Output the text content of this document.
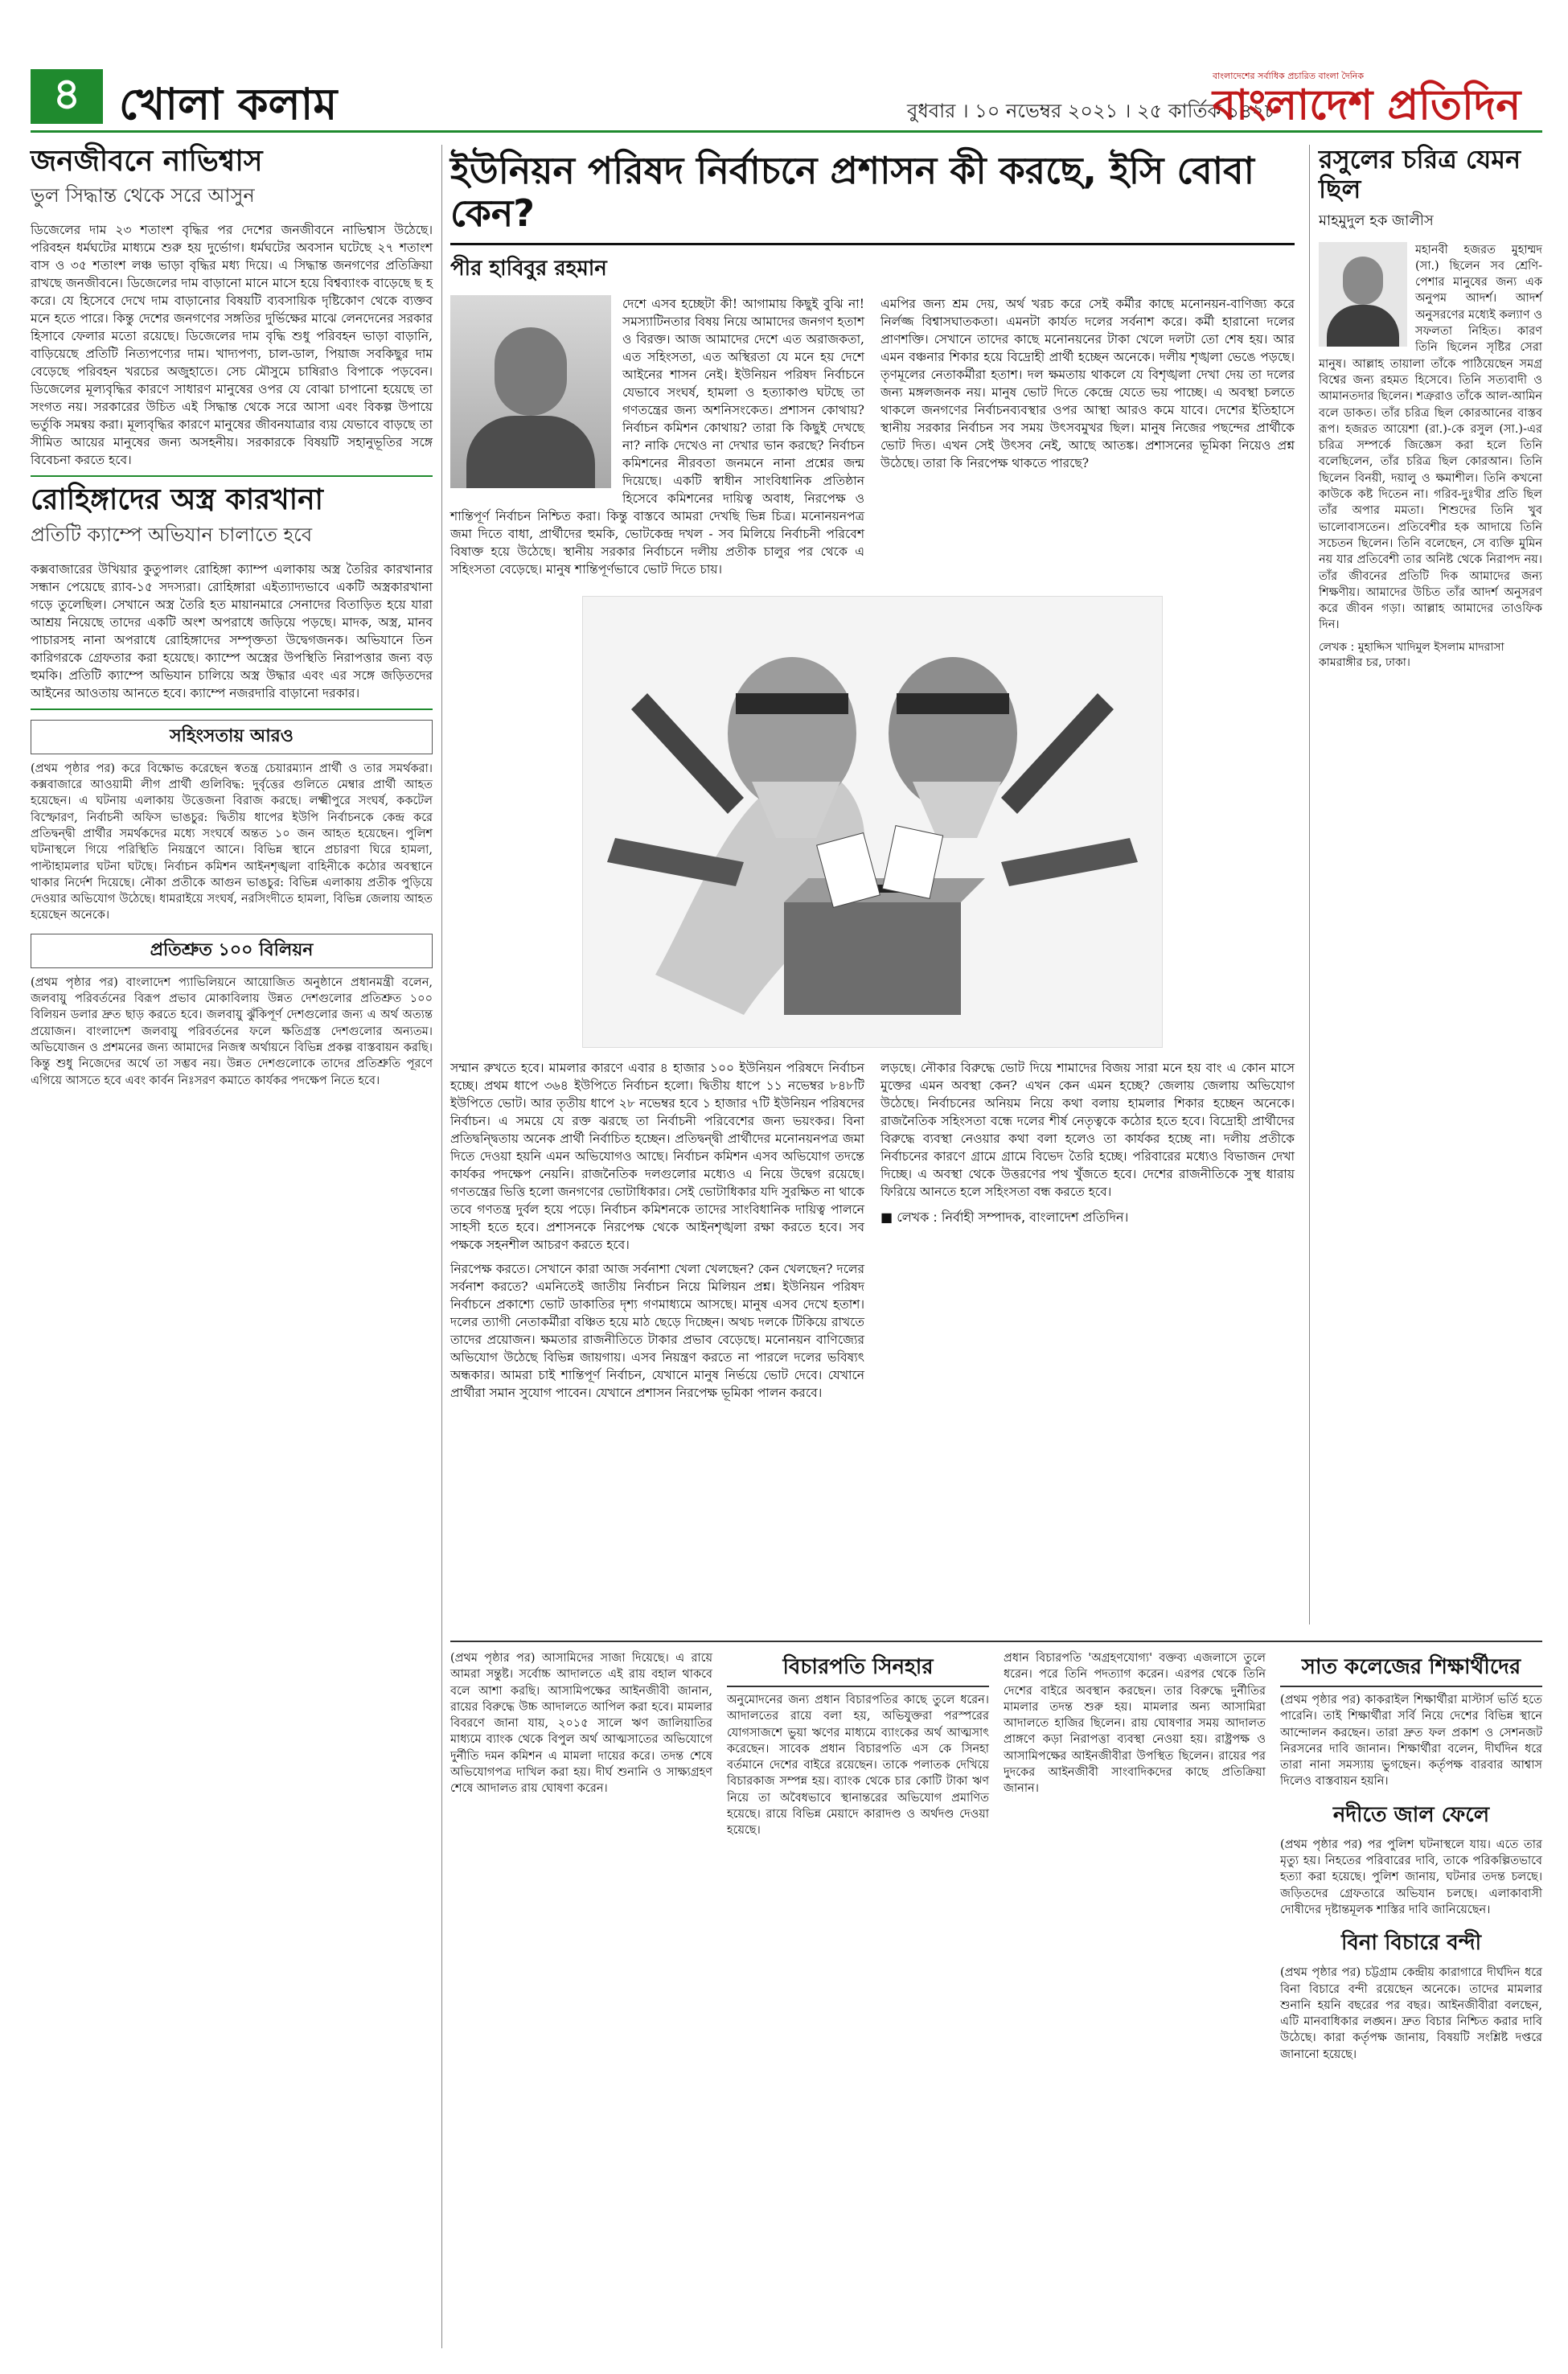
৪ খোলা কলাম	বুধবার । ১০ নভেম্বর ২০২১ । ২৫ কার্তিক ১৪২৮
বাংলাদেশের সর্বাধিক প্রচারিত বাংলা দৈনিক
বাংলাদেশ প্রতিদিন
জনজীবনে নাভিশ্বাস
ভুল সিদ্ধান্ত থেকে সরে আসুন

ডিজেলের দাম ২৩ শতাংশ বৃদ্ধির পর দেশের জনজীবনে নাভিশ্বাস উঠেছে। পরিবহন ধর্মঘটের মাধ্যমে শুরু হয় দুর্ভোগ। ধর্মঘটের অবসান ঘটেছে ২৭ শতাংশ বাস ও ৩৫ শতাংশ লঞ্চ ভাড়া বৃদ্ধির মধ্য দিয়ে। এ সিদ্ধান্ত জনগণের প্রতিক্রিয়া রাখছে জনজীবনে। ডিজেলের দাম বাড়ানো মানে মাসে হয়ে বিশ্বব্যাংক বাড়েছে ছ হ করে। যে হিসেবে দেখে দাম বাড়ানোর বিষয়টি ব্যবসায়িক দৃষ্টিকোণ থেকে ব্যক্তব মনে হতে পারে। কিন্তু দেশের জনগণের সঙ্গতির দুর্ভিক্ষের মাঝে লেনদেনের সরকার হিসাবে ফেলার মতো রয়েছে। ডিজেলের দাম বৃদ্ধি শুধু পরিবহন ভাড়া বাড়ানি, বাড়িয়েছে প্রতিটি নিত্যপণ্যের দাম। খাদ্যপণ্য, চাল-ডাল, পিয়াজ সবকিছুর দাম বেড়েছে পরিবহন খরচের অজুহাতে। সেচ মৌসুমে চাষিরাও বিপাকে পড়বেন। ডিজেলের মূল্যবৃদ্ধির কারণে সাধারণ মানুষের ওপর যে বোঝা চাপানো হয়েছে তা সংগত নয়। সরকারের উচিত এই সিদ্ধান্ত থেকে সরে আসা এবং বিকল্প উপায়ে ভর্তুকি সমন্বয় করা। মূল্যবৃদ্ধির কারণে মানুষের জীবনযাত্রার ব্যয় যেভাবে বাড়ছে তা সীমিত আয়ের মানুষের জন্য অসহনীয়। সরকারকে বিষয়টি সহানুভূতির সঙ্গে বিবেচনা করতে হবে।

রোহিঙ্গাদের অস্ত্র কারখানা
প্রতিটি ক্যাম্পে অভিযান চালাতে হবে

কক্সবাজারের উখিয়ার কুতুপালং রোহিঙ্গা ক্যাম্প এলাকায় অস্ত্র তৈরির কারখানার সন্ধান পেয়েছে র‌্যাব-১৫ সদস্যরা। রোহিঙ্গারা এইত্যাদ্যভাবে একটি অস্ত্রকারখানা গড়ে তুলেছিল। সেখানে অস্ত্র তৈরি হত মায়ানমারে সেনাদের বিতাড়িত হয়ে যারা আশ্রয় নিয়েছে তাদের একটি অংশ অপরাধে জড়িয়ে পড়ছে। মাদক, অস্ত্র, মানব পাচারসহ নানা অপরাধে রোহিঙ্গাদের সম্পৃক্ততা উদ্বেগজনক। অভিযানে তিন কারিগরকে গ্রেফতার করা হয়েছে। ক্যাম্পে অস্ত্রের উপস্থিতি নিরাপত্তার জন্য বড় হুমকি। প্রতিটি ক্যাম্পে অভিযান চালিয়ে অস্ত্র উদ্ধার এবং এর সঙ্গে জড়িতদের আইনের আওতায় আনতে হবে। ক্যাম্পে নজরদারি বাড়ানো দরকার।

সহিংসতায় আরও

(প্রথম পৃষ্ঠার পর) করে বিক্ষোভ করেছেন স্বতন্ত্র চেয়ারম্যান প্রার্থী ও তার সমর্থকরা। কক্সবাজারে আওয়ামী লীগ প্রার্থী গুলিবিদ্ধ: দুর্বৃত্তের গুলিতে মেম্বার প্রার্থী আহত হয়েছেন। এ ঘটনায় এলাকায় উত্তেজনা বিরাজ করছে। লক্ষ্মীপুরে সংঘর্ষ, ককটেল বিস্ফোরণ, নির্বাচনী অফিস ভাঙচুর: দ্বিতীয় ধাপের ইউপি নির্বাচনকে কেন্দ্র করে প্রতিদ্বন্দ্বী প্রার্থীর সমর্থকদের মধ্যে সংঘর্ষে অন্তত ১০ জন আহত হয়েছেন। পুলিশ ঘটনাস্থলে গিয়ে পরিস্থিতি নিয়ন্ত্রণে আনে। বিভিন্ন স্থানে প্রচারণা ঘিরে হামলা, পাল্টাহামলার ঘটনা ঘটছে। নির্বাচন কমিশন আইনশৃঙ্খলা বাহিনীকে কঠোর অবস্থানে থাকার নির্দেশ দিয়েছে। নৌকা প্রতীকে আগুন ভাঙচুর: বিভিন্ন এলাকায় প্রতীক পুড়িয়ে দেওয়ার অভিযোগ উঠেছে। ধামরাইয়ে সংঘর্ষ, নরসিংদীতে হামলা, বিভিন্ন জেলায় আহত হয়েছেন অনেকে।

প্রতিশ্রুত ১০০ বিলিয়ন

(প্রথম পৃষ্ঠার পর) বাংলাদেশ প্যাভিলিয়নে আয়োজিত অনুষ্ঠানে প্রধানমন্ত্রী বলেন, জলবায়ু পরিবর্তনের বিরূপ প্রভাব মোকাবিলায় উন্নত দেশগুলোর প্রতিশ্রুত ১০০ বিলিয়ন ডলার দ্রুত ছাড় করতে হবে। জলবায়ু ঝুঁকিপূর্ণ দেশগুলোর জন্য এ অর্থ অত্যন্ত প্রয়োজন। বাংলাদেশ জলবায়ু পরিবর্তনের ফলে ক্ষতিগ্রস্ত দেশগুলোর অন্যতম। অভিযোজন ও প্রশমনের জন্য আমাদের নিজস্ব অর্থায়নে বিভিন্ন প্রকল্প বাস্তবায়ন করছি। কিন্তু শুধু নিজেদের অর্থে তা সম্ভব নয়। উন্নত দেশগুলোকে তাদের প্রতিশ্রুতি পূরণে এগিয়ে আসতে হবে এবং কার্বন নিঃসরণ কমাতে কার্যকর পদক্ষেপ নিতে হবে।

ইউনিয়ন পরিষদ নির্বাচনে প্রশাসন কী করছে, ইসি বোবা কেন?
পীর হাবিবুর রহমান

দেশে এসব হচ্ছেটা কী! আগামায় কিছুই বুঝি না! সমস্যাটিনতার বিষয় নিয়ে আমাদের জনগণ হতাশ ও বিরক্ত। আজ আমাদের দেশে এত অরাজকতা, এত সহিংসতা, এত অস্থিরতা যে মনে হয় দেশে আইনের শাসন নেই। ইউনিয়ন পরিষদ নির্বাচনে যেভাবে সংঘর্ষ, হামলা ও হত্যাকাণ্ড ঘটছে তা গণতন্ত্রের জন্য অশনিসংকেত। প্রশাসন কোথায়? নির্বাচন কমিশন কোথায়? তারা কি কিছুই দেখছে না? নাকি দেখেও না দেখার ভান করছে? নির্বাচন কমিশনের নীরবতা জনমনে নানা প্রশ্নের জন্ম দিয়েছে। একটি স্বাধীন সাংবিধানিক প্রতিষ্ঠান হিসেবে কমিশনের দায়িত্ব অবাধ, নিরপেক্ষ ও শান্তিপূর্ণ নির্বাচন নিশ্চিত করা। কিন্তু বাস্তবে আমরা দেখছি ভিন্ন চিত্র। মনোনয়নপত্র জমা দিতে বাধা, প্রার্থীদের হুমকি, ভোটকেন্দ্র দখল - সব মিলিয়ে নির্বাচনী পরিবেশ বিষাক্ত হয়ে উঠেছে। স্থানীয় সরকার নির্বাচনে দলীয় প্রতীক চালুর পর থেকে এ সহিংসতা বেড়েছে। মানুষ শান্তিপূর্ণভাবে ভোট দিতে চায়।

এমপির জন্য শ্রম দেয়, অর্থ খরচ করে সেই কর্মীর কাছে মনোনয়ন-বাণিজ্য করে নির্লজ্জ বিশ্বাসঘাতকতা। এমনটা কার্যত দলের সর্বনাশ করে। কর্মী হারানো দলের প্রাণশক্তি। সেখানে তাদের কাছে মনোনয়নের টাকা খেলে দলটা তো শেষ হয়। আর এমন বঞ্চনার শিকার হয়ে বিদ্রোহী প্রার্থী হচ্ছেন অনেকে। দলীয় শৃঙ্খলা ভেঙে পড়ছে। তৃণমূলের নেতাকর্মীরা হতাশ। দল ক্ষমতায় থাকলে যে বিশৃঙ্খলা দেখা দেয় তা দলের জন্য মঙ্গলজনক নয়। মানুষ ভোট দিতে কেন্দ্রে যেতে ভয় পাচ্ছে। এ অবস্থা চলতে থাকলে জনগণের নির্বাচনব্যবস্থার ওপর আস্থা আরও কমে যাবে। দেশের ইতিহাসে স্থানীয় সরকার নির্বাচন সব সময় উৎসবমুখর ছিল। মানুষ নিজের পছন্দের প্রার্থীকে ভোট দিত। এখন সেই উৎসব নেই, আছে আতঙ্ক। প্রশাসনের ভূমিকা নিয়েও প্রশ্ন উঠেছে। তারা কি নিরপেক্ষ থাকতে পারছে?

সম্মান রুখতে হবে। মামলার কারণে এবার ৪ হাজার ১০০ ইউনিয়ন পরিষদে নির্বাচন হচ্ছে। প্রথম ধাপে ৩৬৪ ইউপিতে নির্বাচন হলো। দ্বিতীয় ধাপে ১১ নভেম্বর ৮৪৮টি ইউপিতে ভোট। আর তৃতীয় ধাপে ২৮ নভেম্বর হবে ১ হাজার ৭টি ইউনিয়ন পরিষদের নির্বাচন। এ সময়ে যে রক্ত ঝরছে তা নির্বাচনী পরিবেশের জন্য ভয়ংকর। বিনা প্রতিদ্বন্দ্বিতায় অনেক প্রার্থী নির্বাচিত হচ্ছেন। প্রতিদ্বন্দ্বী প্রার্থীদের মনোনয়নপত্র জমা দিতে দেওয়া হয়নি এমন অভিযোগও আছে। নির্বাচন কমিশন এসব অভিযোগ তদন্তে কার্যকর পদক্ষেপ নেয়নি। রাজনৈতিক দলগুলোর মধ্যেও এ নিয়ে উদ্বেগ রয়েছে। গণতন্ত্রের ভিত্তি হলো জনগণের ভোটাধিকার। সেই ভোটাধিকার যদি সুরক্ষিত না থাকে তবে গণতন্ত্র দুর্বল হয়ে পড়ে। নির্বাচন কমিশনকে তাদের সাংবিধানিক দায়িত্ব পালনে সাহসী হতে হবে। প্রশাসনকে নিরপেক্ষ থেকে আইনশৃঙ্খলা রক্ষা করতে হবে। সব পক্ষকে সহনশীল আচরণ করতে হবে।

নিরপেক্ষ করতে। সেখানে কারা আজ সর্বনাশা খেলা খেলছেন? কেন খেলছেন? দলের সর্বনাশ করতে? এমনিতেই জাতীয় নির্বাচন নিয়ে মিলিয়ন প্রশ্ন। ইউনিয়ন পরিষদ নির্বাচনে প্রকাশ্যে ভোট ডাকাতির দৃশ্য গণমাধ্যমে আসছে। মানুষ এসব দেখে হতাশ। দলের ত্যাগী নেতাকর্মীরা বঞ্চিত হয়ে মাঠ ছেড়ে দিচ্ছেন। অথচ দলকে টিকিয়ে রাখতে তাদের প্রয়োজন। ক্ষমতার রাজনীতিতে টাকার প্রভাব বেড়েছে। মনোনয়ন বাণিজ্যের অভিযোগ উঠেছে বিভিন্ন জায়গায়। এসব নিয়ন্ত্রণ করতে না পারলে দলের ভবিষ্যৎ অন্ধকার। আমরা চাই শান্তিপূর্ণ নির্বাচন, যেখানে মানুষ নির্ভয়ে ভোট দেবে। যেখানে প্রার্থীরা সমান সুযোগ পাবেন। যেখানে প্রশাসন নিরপেক্ষ ভূমিকা পালন করবে।

লড়ছে। নৌকার বিরুদ্ধে ভোট দিয়ে শামাদের বিজয় সারা মনে হয় বাং এ কোন মাসে মুক্তের এমন অবস্থা কেন? এখন কেন এমন হচ্ছে? জেলায় জেলায় অভিযোগ উঠেছে। নির্বাচনের অনিয়ম নিয়ে কথা বলায় হামলার শিকার হচ্ছেন অনেকে। রাজনৈতিক সহিংসতা বন্ধে দলের শীর্ষ নেতৃত্বকে কঠোর হতে হবে। বিদ্রোহী প্রার্থীদের বিরুদ্ধে ব্যবস্থা নেওয়ার কথা বলা হলেও তা কার্যকর হচ্ছে না। দলীয় প্রতীকে নির্বাচনের কারণে গ্রামে গ্রামে বিভেদ তৈরি হচ্ছে। পরিবারের মধ্যেও বিভাজন দেখা দিচ্ছে। এ অবস্থা থেকে উত্তরণের পথ খুঁজতে হবে। দেশের রাজনীতিকে সুস্থ ধারায় ফিরিয়ে আনতে হলে সহিংসতা বন্ধ করতে হবে।

■ লেখক : নির্বাহী সম্পাদক, বাংলাদেশ প্রতিদিন।
রসুলের চরিত্র যেমন ছিল
মাহমুদুল হক জালীস

মহানবী হজরত মুহাম্মদ (সা.) ছিলেন সব শ্রেণি-পেশার মানুষের জন্য এক অনুপম আদর্শ। আদর্শ অনুসরণের মধ্যেই কল্যাণ ও সফলতা নিহিত। কারণ তিনি ছিলেন সৃষ্টির সেরা মানুষ। আল্লাহ তায়ালা তাঁকে পাঠিয়েছেন সমগ্র বিশ্বের জন্য রহমত হিসেবে। তিনি সত্যবাদী ও আমানতদার ছিলেন। শত্রুরাও তাঁকে আল-আমিন বলে ডাকত। তাঁর চরিত্র ছিল কোরআনের বাস্তব রূপ। হজরত আয়েশা (রা.)-কে রসুল (সা.)-এর চরিত্র সম্পর্কে জিজ্ঞেস করা হলে তিনি বলেছিলেন, তাঁর চরিত্র ছিল কোরআন। তিনি ছিলেন বিনয়ী, দয়ালু ও ক্ষমাশীল। তিনি কখনো কাউকে কষ্ট দিতেন না। গরিব-দুঃখীর প্রতি ছিল তাঁর অপার মমতা। শিশুদের তিনি খুব ভালোবাসতেন। প্রতিবেশীর হক আদায়ে তিনি সচেতন ছিলেন। তিনি বলেছেন, সে ব্যক্তি মুমিন নয় যার প্রতিবেশী তার অনিষ্ট থেকে নিরাপদ নয়। তাঁর জীবনের প্রতিটি দিক আমাদের জন্য শিক্ষণীয়। আমাদের উচিত তাঁর আদর্শ অনুসরণ করে জীবন গড়া। আল্লাহ আমাদের তাওফিক দিন।

লেখক : মুহাদ্দিস খাদিমুল ইসলাম মাদরাসা কামরাঙ্গীর চর, ঢাকা।

(প্রথম পৃষ্ঠার পর) আসামিদের সাজা দিয়েছে। এ রায়ে আমরা সন্তুষ্ট। সর্বোচ্চ আদালতে এই রায় বহাল থাকবে বলে আশা করছি। আসামিপক্ষের আইনজীবী জানান, রায়ের বিরুদ্ধে উচ্চ আদালতে আপিল করা হবে। মামলার বিবরণে জানা যায়, ২০১৫ সালে ঋণ জালিয়াতির মাধ্যমে ব্যাংক থেকে বিপুল অর্থ আত্মসাতের অভিযোগে দুর্নীতি দমন কমিশন এ মামলা দায়ের করে। তদন্ত শেষে অভিযোগপত্র দাখিল করা হয়। দীর্ঘ শুনানি ও সাক্ষ্যগ্রহণ শেষে আদালত রায় ঘোষণা করেন।

বিচারপতি সিনহার

অনুমোদনের জন্য প্রধান বিচারপতির কাছে তুলে ধরেন। আদালতের রায়ে বলা হয়, অভিযুক্তরা পরস্পরের যোগসাজশে ভুয়া ঋণের মাধ্যমে ব্যাংকের অর্থ আত্মসাৎ করেছেন। সাবেক প্রধান বিচারপতি এস কে সিনহা বর্তমানে দেশের বাইরে রয়েছেন। তাকে পলাতক দেখিয়ে বিচারকাজ সম্পন্ন হয়। ব্যাংক থেকে চার কোটি টাকা ঋণ নিয়ে তা অবৈধভাবে স্থানান্তরের অভিযোগ প্রমাণিত হয়েছে। রায়ে বিভিন্ন মেয়াদে কারাদণ্ড ও অর্থদণ্ড দেওয়া হয়েছে।

প্রধান বিচারপতি 'অগ্রহণযোগ্য' বক্তব্য এজলাসে তুলে ধরেন। পরে তিনি পদত্যাগ করেন। এরপর থেকে তিনি দেশের বাইরে অবস্থান করছেন। তার বিরুদ্ধে দুর্নীতির মামলার তদন্ত শুরু হয়। মামলার অন্য আসামিরা আদালতে হাজির ছিলেন। রায় ঘোষণার সময় আদালত প্রাঙ্গণে কড়া নিরাপত্তা ব্যবস্থা নেওয়া হয়। রাষ্ট্রপক্ষ ও আসামিপক্ষের আইনজীবীরা উপস্থিত ছিলেন। রায়ের পর দুদকের আইনজীবী সাংবাদিকদের কাছে প্রতিক্রিয়া জানান।

সাত কলেজের শিক্ষার্থীদের

(প্রথম পৃষ্ঠার পর) কাকরাইল শিক্ষার্থীরা মাস্টার্স ভর্তি হতে পারেনি। তাই শিক্ষার্থীরা সর্বি নিয়ে দেশের বিভিন্ন স্থানে আন্দোলন করছেন। তারা দ্রুত ফল প্রকাশ ও সেশনজট নিরসনের দাবি জানান। শিক্ষার্থীরা বলেন, দীর্ঘদিন ধরে তারা নানা সমস্যায় ভুগছেন। কর্তৃপক্ষ বারবার আশ্বাস দিলেও বাস্তবায়ন হয়নি।

নদীতে জাল ফেলে

(প্রথম পৃষ্ঠার পর) পর পুলিশ ঘটনাস্থলে যায়। এতে তার মৃত্যু হয়। নিহতের পরিবারের দাবি, তাকে পরিকল্পিতভাবে হত্যা করা হয়েছে। পুলিশ জানায়, ঘটনার তদন্ত চলছে। জড়িতদের গ্রেফতারে অভিযান চলছে। এলাকাবাসী দোষীদের দৃষ্টান্তমূলক শাস্তির দাবি জানিয়েছেন।

বিনা বিচারে বন্দী

(প্রথম পৃষ্ঠার পর) চট্টগ্রাম কেন্দ্রীয় কারাগারে দীর্ঘদিন ধরে বিনা বিচারে বন্দী রয়েছেন অনেকে। তাদের মামলার শুনানি হয়নি বছরের পর বছর। আইনজীবীরা বলছেন, এটি মানবাধিকার লঙ্ঘন। দ্রুত বিচার নিশ্চিত করার দাবি উঠেছে। কারা কর্তৃপক্ষ জানায়, বিষয়টি সংশ্লিষ্ট দপ্তরে জানানো হয়েছে।
